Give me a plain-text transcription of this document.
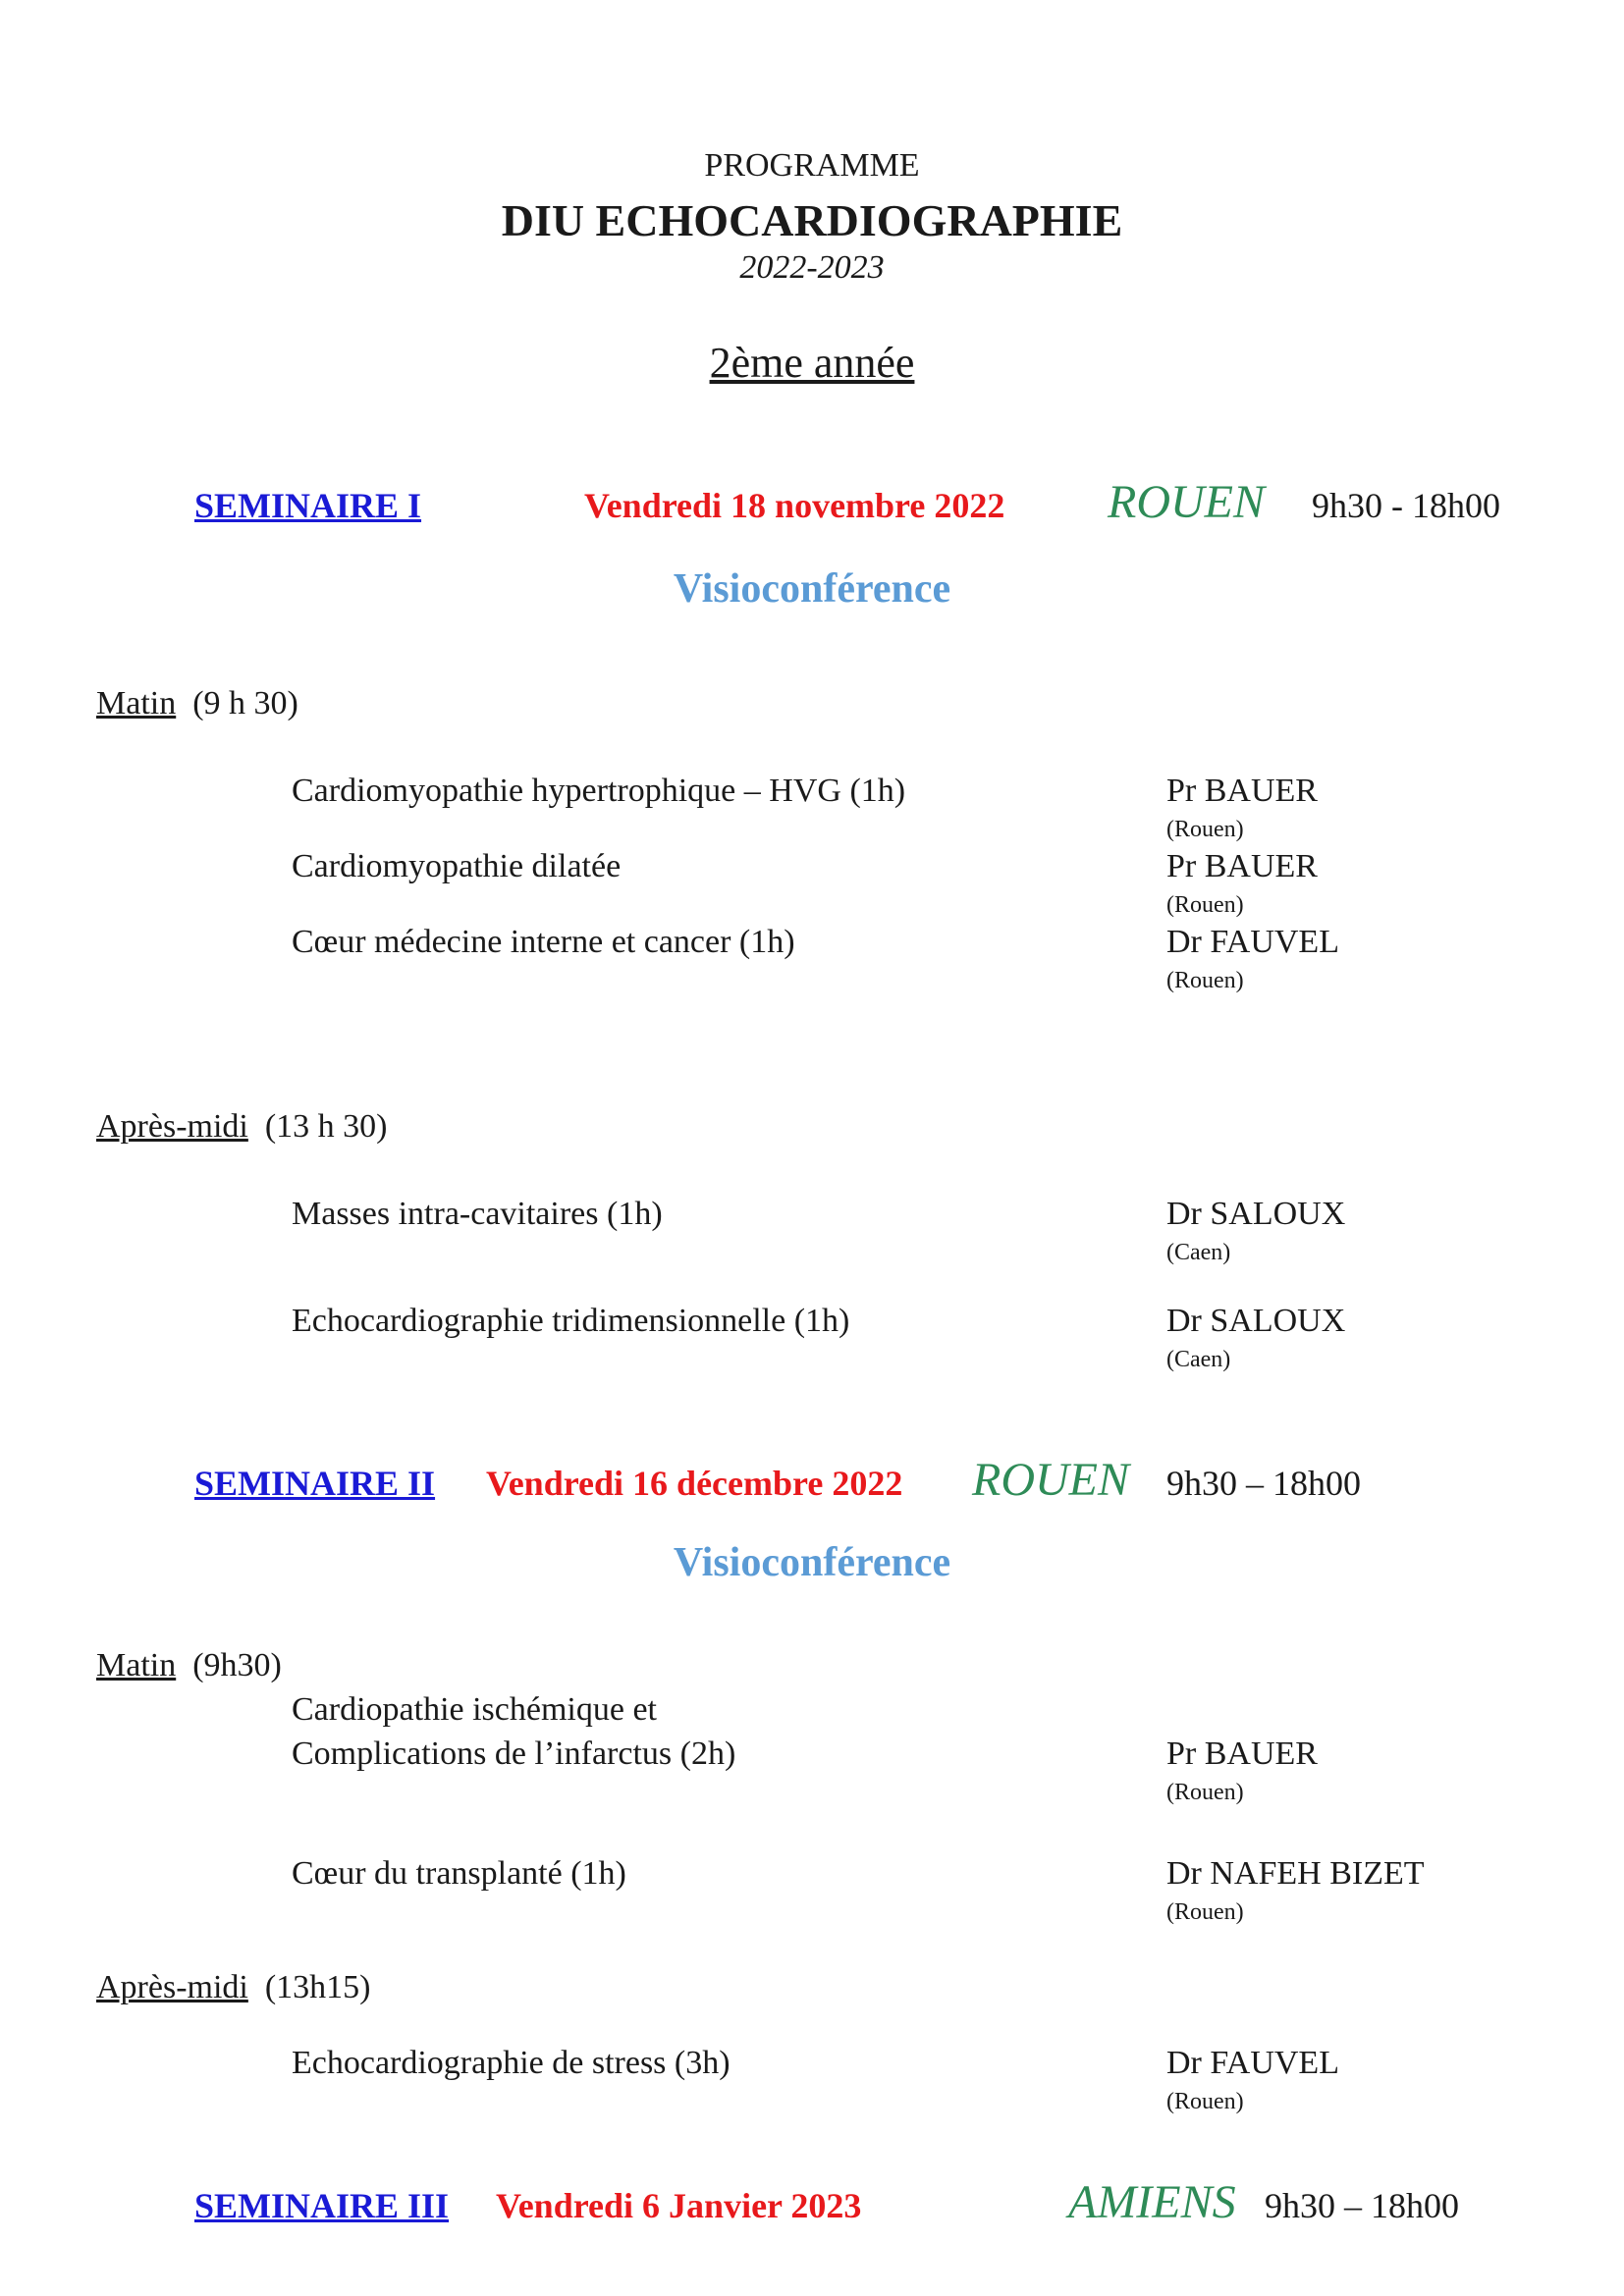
PROGRAMME
DIU ECHOCARDIOGRAPHIE
2022-2023
2ème année
SEMINAIRE I	Vendredi 18 novembre 2022 ROUEN 9h30 - 18h00
Visioconférence
Matin (9 h 30)
Cardiomyopathie hypertrophique – HVG (1h)	Pr BAUER
(Rouen)
Cardiomyopathie dilatée	Pr BAUER
(Rouen)
Cœur médecine interne et cancer (1h)	Dr FAUVEL
(Rouen)
Après-midi (13 h 30)
Masses intra-cavitaires (1h)	Dr SALOUX
(Caen)
Echocardiographie tridimensionnelle (1h)	Dr SALOUX
(Caen)
SEMINAIRE II Vendredi 16 décembre 2022 ROUEN 9h30 – 18h00
Visioconférence
Matin (9h30)
Cardiopathie ischémique et
Complications de l’infarctus (2h)	Pr BAUER
(Rouen)
Cœur du transplanté (1h)	Dr NAFEH BIZET
(Rouen)
Après-midi (13h15)
Echocardiographie de stress (3h)	Dr FAUVEL
(Rouen)
SEMINAIRE III Vendredi 6 Janvier 2023	AMIENS 9h30 – 18h00
